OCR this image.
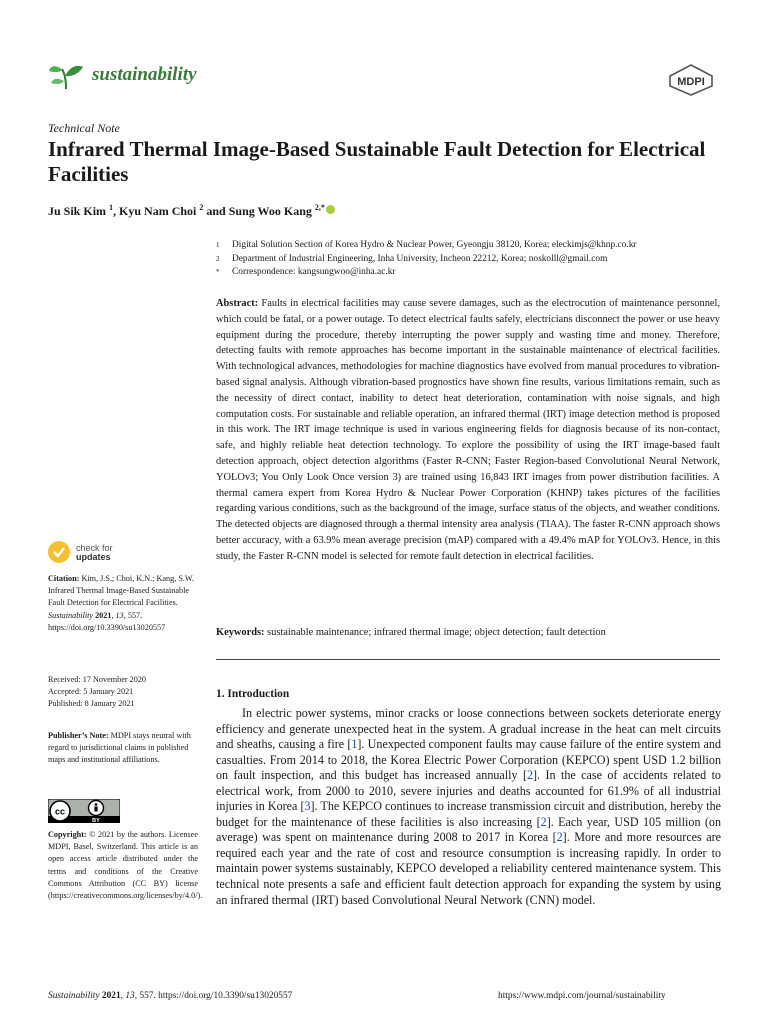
sustainability	MDPI
Technical Note
Infrared Thermal Image-Based Sustainable Fault Detection for Electrical Facilities
Ju Sik Kim $^1$, Kyu Nam Choi $^2$ and Sung Woo Kang $^{2,*}$
1	Digital Solution Section of Korea Hydro & Nuclear Power, Gyeongju 38120, Korea; eleckimjs@khnp.co.kr
2	Department of Industrial Engineering, Inha University, Incheon 22212, Korea; noskolll@gmail.com
*	Correspondence: kangsungwoo@inha.ac.kr
Abstract: Faults in electrical facilities may cause severe damages, such as the electrocution of maintenance personnel, which could be fatal, or a power outage. To detect electrical faults safely, electricians disconnect the power or use heavy equipment during the procedure, thereby interrupting the power supply and wasting time and money. Therefore, detecting faults with remote approaches has become important in the sustainable maintenance of electrical facilities. With technological advances, methodologies for machine diagnostics have evolved from manual procedures to vibration-based signal analysis. Although vibration-based prognostics have shown fine results, various limitations remain, such as the necessity of direct contact, inability to detect heat deterioration, contamination with noise signals, and high computation costs. For sustainable and reliable operation, an infrared thermal (IRT) image detection method is proposed in this work. The IRT image technique is used in various engineering fields for diagnosis because of its non-contact, safe, and highly reliable heat detection technology. To explore the possibility of using the IRT image-based fault detection approach, object detection algorithms (Faster R-CNN; Faster Region-based Convolutional Neural Network, YOLOv3; You Only Look Once version 3) are trained using 16,843 IRT images from power distribution facilities. A thermal camera expert from Korea Hydro & Nuclear Power Corporation (KHNP) takes pictures of the facilities regarding various conditions, such as the background of the image, surface status of the objects, and weather conditions. The detected objects are diagnosed through a thermal intensity area analysis (TIAA). The faster R-CNN approach shows better accuracy, with a 63.9% mean average precision (mAP) compared with a 49.4% mAP for YOLOv3. Hence, in this study, the Faster R-CNN model is selected for remote fault detection in electrical facilities.
Keywords: sustainable maintenance; infrared thermal image; object detection; fault detection
check for
updates
Citation: Kim, J.S.; Choi, K.N.; Kang, S.W. Infrared Thermal Image-Based Sustainable Fault Detection for Electrical Facilities. Sustainability 2021, 13, 557. https://doi.org/10.3390/su13020557
Received: 17 November 2020
Accepted: 5 January 2021
Published: 8 January 2021
Publisher’s Note: MDPI stays neutral with regard to jurisdictional claims in published maps and institutional affiliations.
cc
BY
Copyright: © 2021 by the authors. Licensee MDPI, Basel, Switzerland. This article is an open access article distributed under the terms and conditions of the Creative Commons Attribution (CC BY) license (https://creativecommons.org/licenses/by/4.0/).
1. Introduction
In electric power systems, minor cracks or loose connections between sockets deteriorate energy efficiency and generate unexpected heat in the system. A gradual increase in the heat can melt circuits and sheaths, causing a fire [1]. Unexpected component faults may cause failure of the entire system and casualties. From 2014 to 2018, the Korea Electric Power Corporation (KEPCO) spent USD 1.2 billion on fault inspection, and this budget has increased annually [2]. In the case of accidents related to electrical work, from 2000 to 2010, severe injuries and deaths accounted for 61.9% of all industrial injuries in Korea [3]. The KEPCO continues to increase transmission circuit and distribution, hereby the budget for the maintenance of these facilities is also increasing [2]. Each year, USD 105 million (on average) was spent on maintenance during 2008 to 2017 in Korea [2]. More and more resources are required each year and the rate of cost and resource consumption is increasing rapidly. In order to maintain power systems sustainably, KEPCO developed a reliability centered maintenance system. This technical note presents a safe and efficient fault detection approach for expanding the system by using an infrared thermal (IRT) based Convolutional Neural Network (CNN) model.
Sustainability 2021, 13, 557. https://doi.org/10.3390/su13020557	https://www.mdpi.com/journal/sustainability
